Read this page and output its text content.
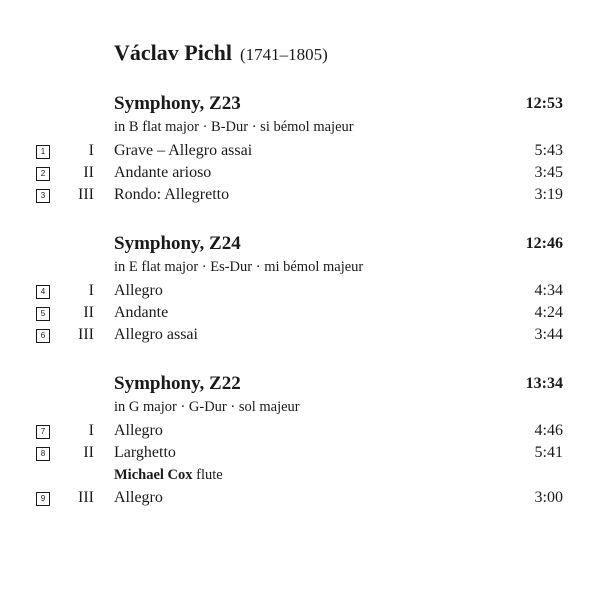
Václav Pichl (1741–1805)
Symphony, Z23	12:53
in B flat major · B-Dur · si bémol majeur
1	I Grave – Allegro assai	5:43
2 II Andante arioso	3:45
3 III Rondo: Allegretto	3:19
Symphony, Z24	12:46
in E flat major · Es-Dur · mi bémol majeur
4	I Allegro	4:34
5 II Andante	4:24
6 III Allegro assai	3:44
Symphony, Z22	13:34
in G major · G-Dur · sol majeur
7	I Allegro	4:46
8 II Larghetto	5:41
Michael Cox flute
9 III Allegro	3:00
